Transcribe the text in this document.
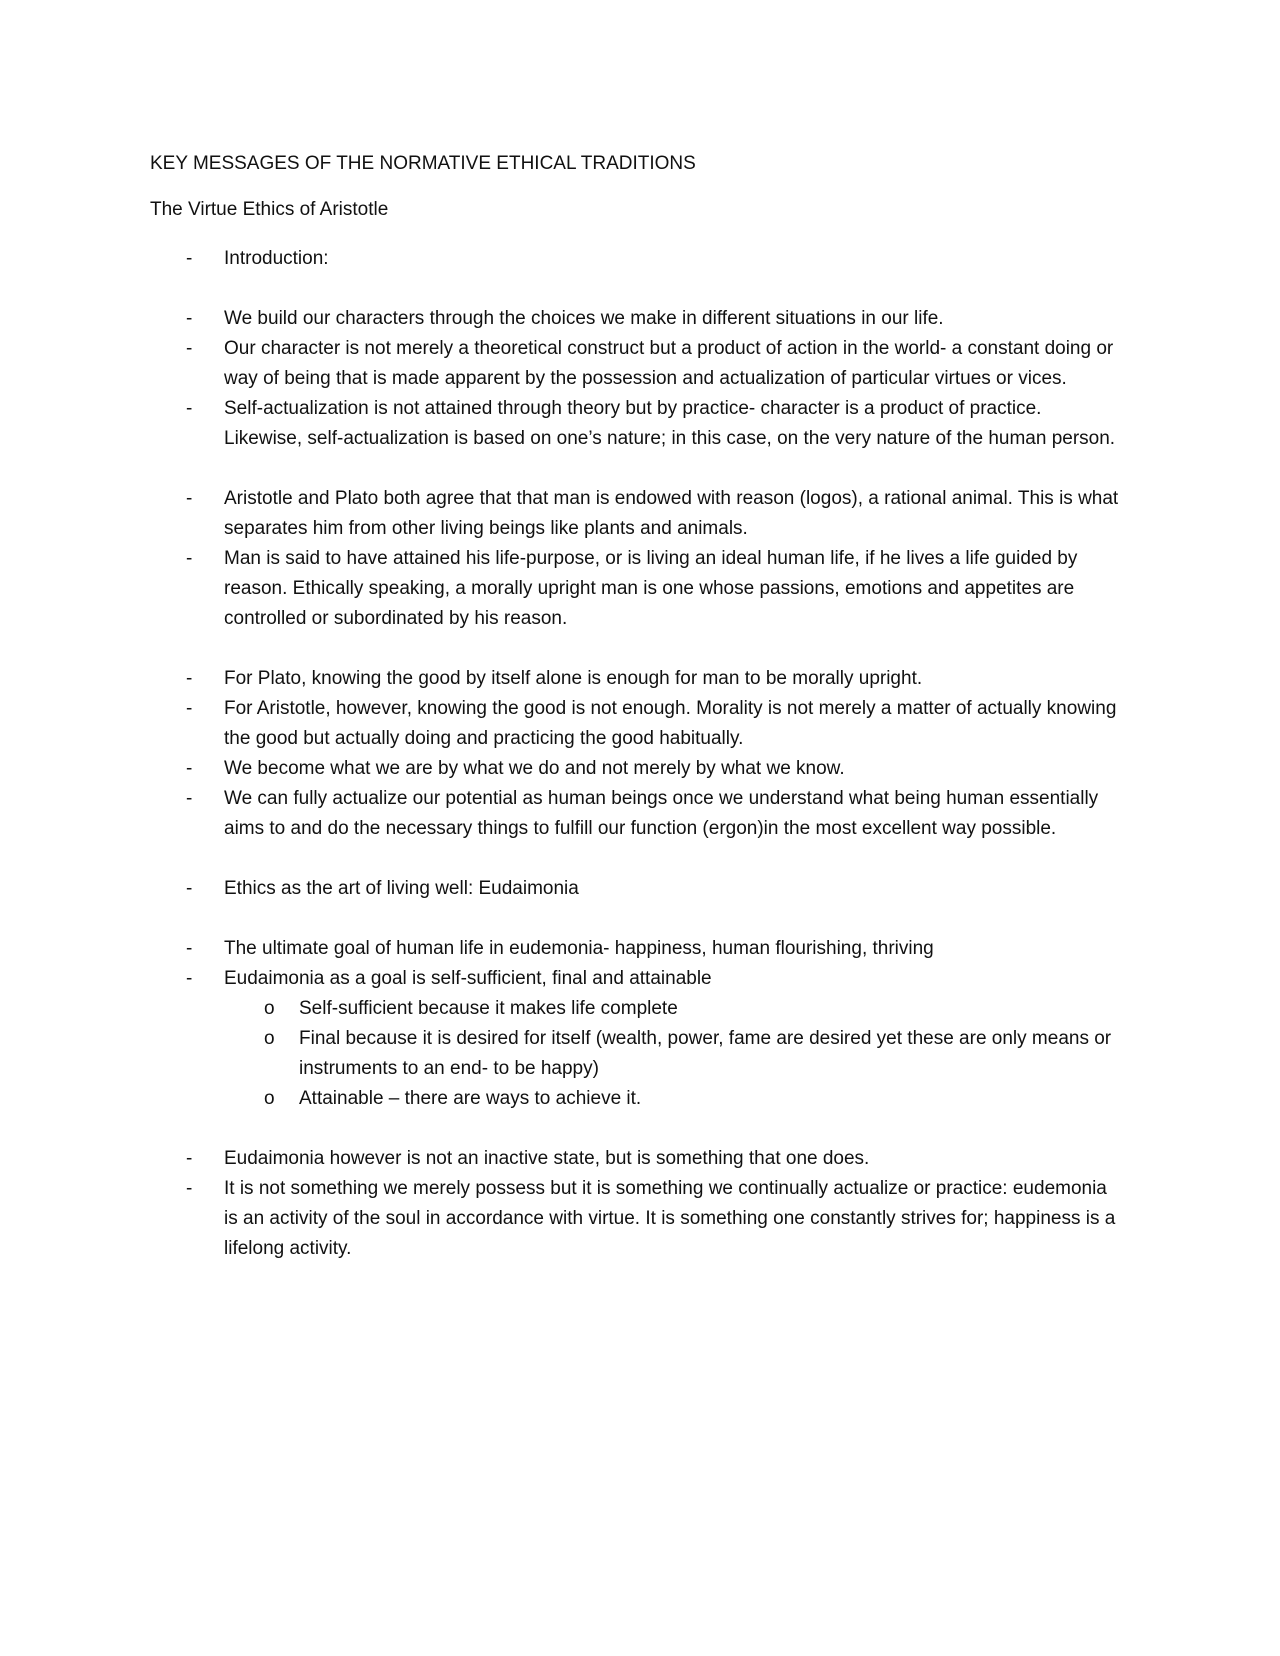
KEY MESSAGES OF THE NORMATIVE ETHICAL TRADITIONS
The Virtue Ethics of Aristotle
- Introduction:
- We build our characters through the choices we make in different situations in our life.
- Our character is not merely a theoretical construct but a product of action in the world- a constant doing or way of being that is made apparent by the possession and actualization of particular virtues or vices.
- Self-actualization is not attained through theory but by practice- character is a product of practice. Likewise, self-actualization is based on one’s nature; in this case, on the very nature of the human person.
- Aristotle and Plato both agree that that man is endowed with reason (logos), a rational animal. This is what separates him from other living beings like plants and animals.
- Man is said to have attained his life-purpose, or is living an ideal human life, if he lives a life guided by reason. Ethically speaking, a morally upright man is one whose passions, emotions and appetites are controlled or subordinated by his reason.
- For Plato, knowing the good by itself alone is enough for man to be morally upright.
- For Aristotle, however, knowing the good is not enough. Morality is not merely a matter of actually knowing the good but actually doing and practicing the good habitually.
- We become what we are by what we do and not merely by what we know.
- We can fully actualize our potential as human beings once we understand what being human essentially aims to and do the necessary things to fulfill our function (ergon)in the most excellent way possible.
- Ethics as the art of living well: Eudaimonia
- The ultimate goal of human life in eudemonia- happiness, human flourishing, thriving
- Eudaimonia as a goal is self-sufficient, final and attainable
o Self-sufficient because it makes life complete
o Final because it is desired for itself (wealth, power, fame are desired yet these are only means or instruments to an end- to be happy)
o Attainable – there are ways to achieve it.
- Eudaimonia however is not an inactive state, but is something that one does.
- It is not something we merely possess but it is something we continually actualize or practice: eudemonia is an activity of the soul in accordance with virtue. It is something one constantly strives for; happiness is a lifelong activity.
